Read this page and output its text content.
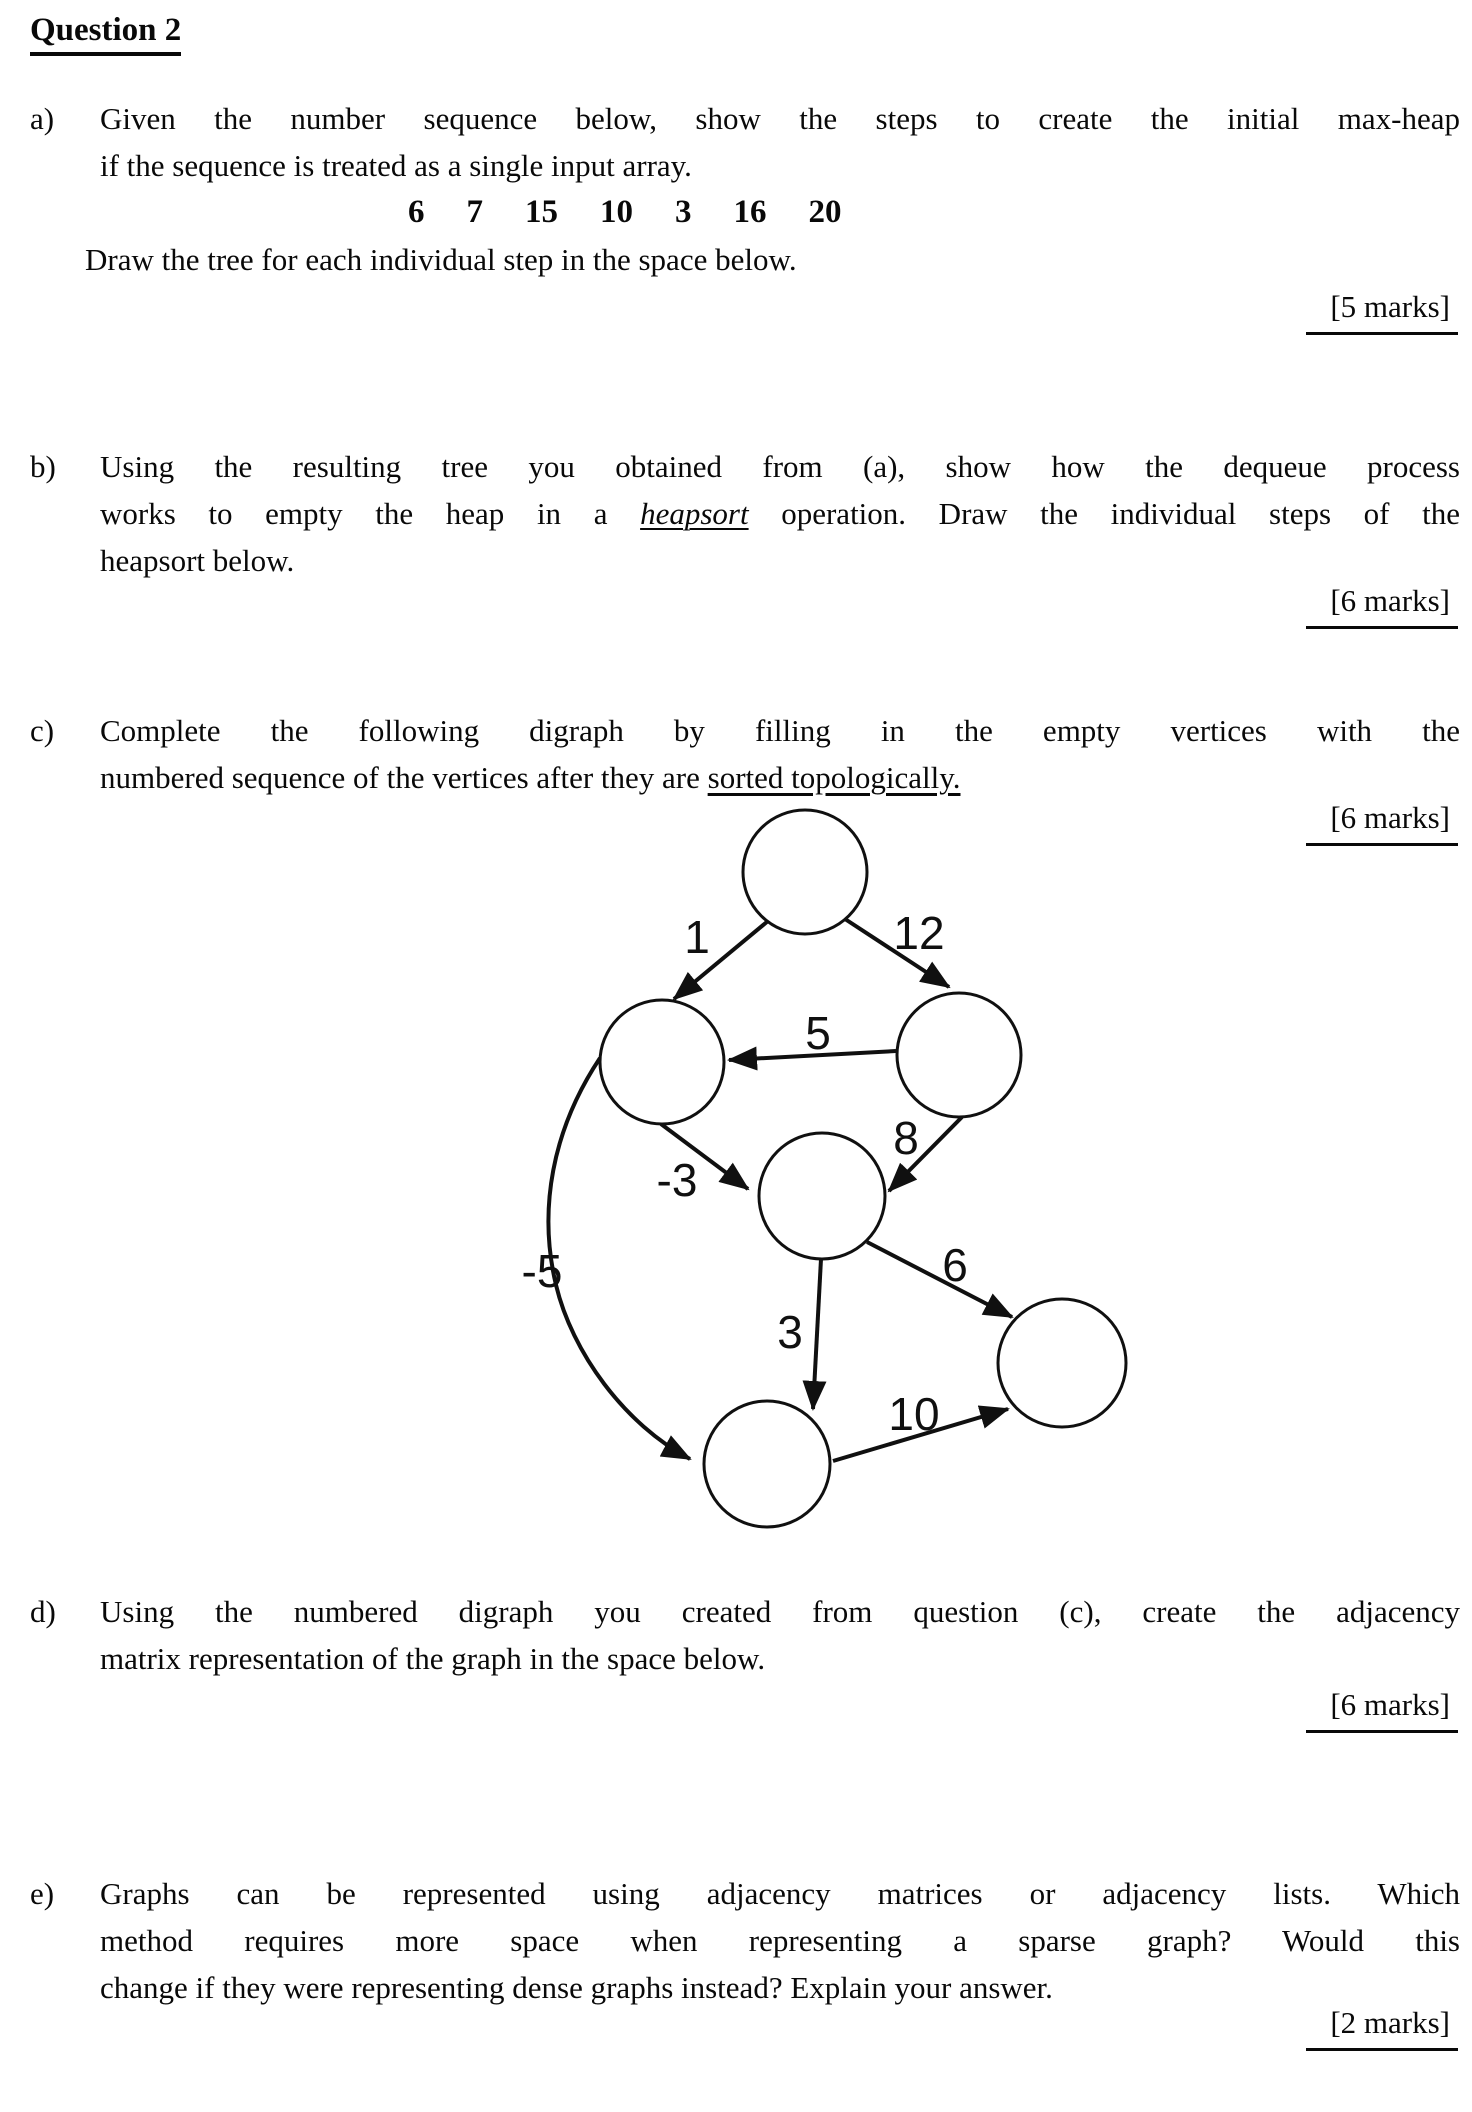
Question 2
a) Given the number sequence below, show the steps to create the initial max-heap
if the sequence is treated as a single input array.
6 7 15 10 3 16 20
Draw the tree for each individual step in the space below.
[5 marks]
b) Using the resulting tree you obtained from (a), show how the dequeue process
works to empty the heap in a heapsort operation. Draw the individual steps of the
heapsort below.
[6 marks]
c) Complete the following digraph by filling in the empty vertices with the
numbered sequence of the vertices after they are sorted topologically.
[6 marks]
1	12
5
-3
8
6
3
10
-5
d) Using the numbered digraph you created from question (c), create the adjacency
matrix representation of the graph in the space below.
[6 marks]
e) Graphs can be represented using adjacency matrices or adjacency lists. Which
method requires more space when representing a sparse graph? Would this
change if they were representing dense graphs instead? Explain your answer.
[2 marks]
